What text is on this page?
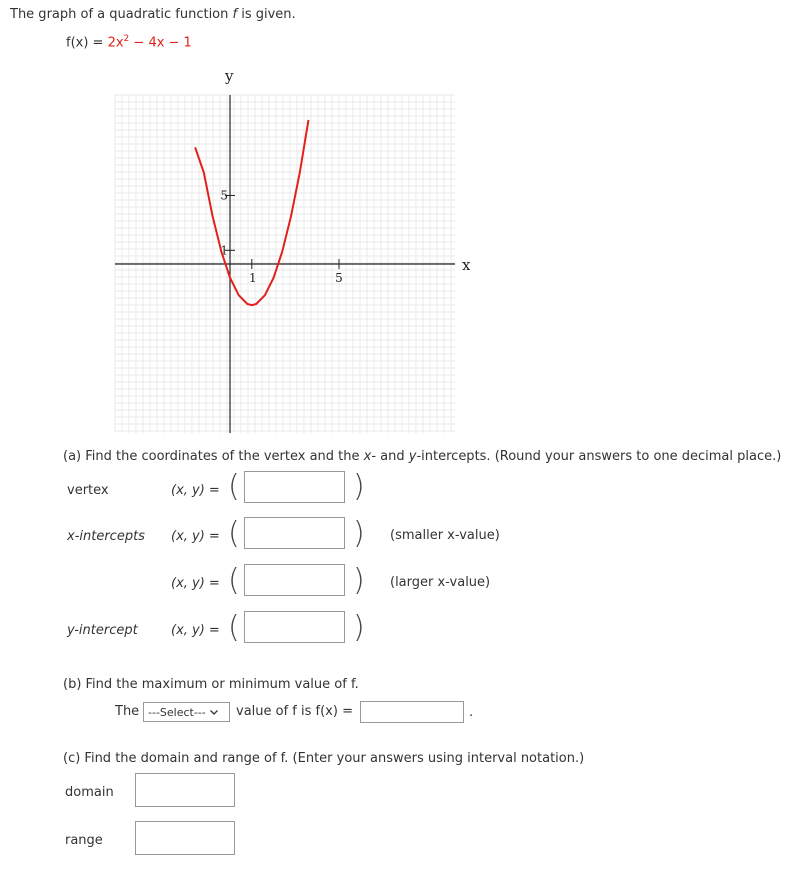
The graph of a quadratic function f is given.
$f(x) = 2x^2 - 4x - 1$
y
x
1	5
5
1
(a) Find the coordinates of the vertex and the x- and y-intercepts. (Round your answers to one decimal place.)
vertex	(x, y) = (	)
x-intercepts (x, y) = (	) (smaller x-value)
(x, y) = (	) (larger x-value)
y-intercept	(x, y) = (	)
(b) Find the maximum or minimum value of f.
The ---Select--- value of f is f(x) =	.
(c) Find the domain and range of f. (Enter your answers using interval notation.)
domain
range
